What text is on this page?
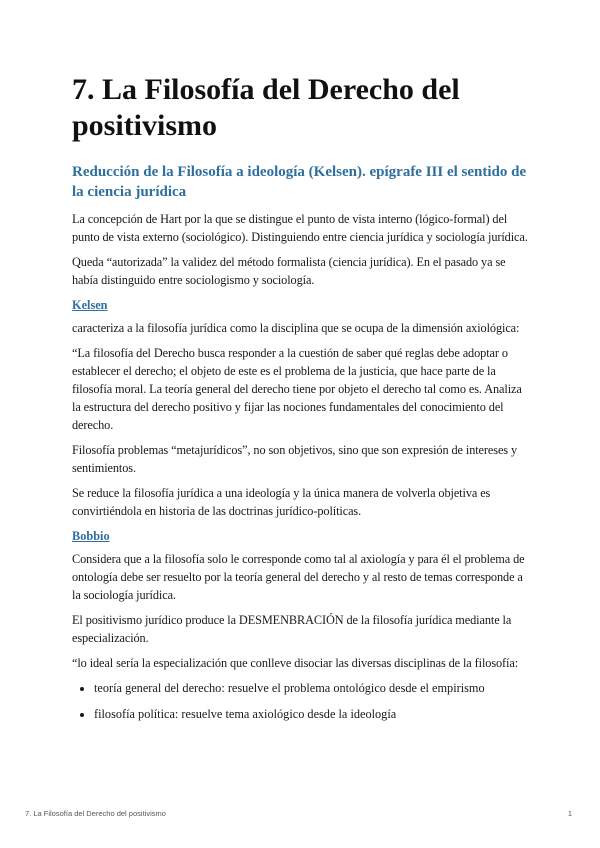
7. La Filosofía del Derecho del positivismo
Reducción de la Filosofía a ideología (Kelsen). epígrafe III el sentido de la ciencia jurídica

La concepción de Hart por la que se distingue el punto de vista interno (lógico-formal) del punto de vista externo (sociológico). Distinguiendo entre ciencia jurídica y sociología jurídica.

Queda “autorizada” la validez del método formalista (ciencia jurídica). En el pasado ya se había distinguido entre sociologismo y sociología.

Kelsen

caracteriza a la filosofía jurídica como la disciplina que se ocupa de la dimensión axiológica:

“La filosofía del Derecho busca responder a la cuestión de saber qué reglas debe adoptar o establecer el derecho; el objeto de este es el problema de la justicia, que hace parte de la filosofía moral. La teoría general del derecho tiene por objeto el derecho tal como es. Analiza la estructura del derecho positivo y fijar las nociones fundamentales del conocimiento del derecho.

Filosofía problemas “metajurídicos”, no son objetivos, sino que son expresión de intereses y sentimientos.

Se reduce la filosofía jurídica a una ideología y la única manera de volverla objetiva es convirtiéndola en historia de las doctrinas jurídico-políticas.

Bobbio

Considera que a la filosofía solo le corresponde como tal al axiología y para él el problema de ontología debe ser resuelto por la teoría general del derecho y al resto de temas corresponde a la sociología jurídica.

El positivismo jurídico produce la DESMENBRACIÓN de la filosofía jurídica mediante la especialización.

“lo ideal sería la especialización que conlleve disociar las diversas disciplinas de la filosofía:

• teoría general del derecho: resuelve el problema ontológico desde el empirismo
• filosofía política: resuelve tema axiológico desde la ideología
7. La Filosofía del Derecho del positivismo	1
